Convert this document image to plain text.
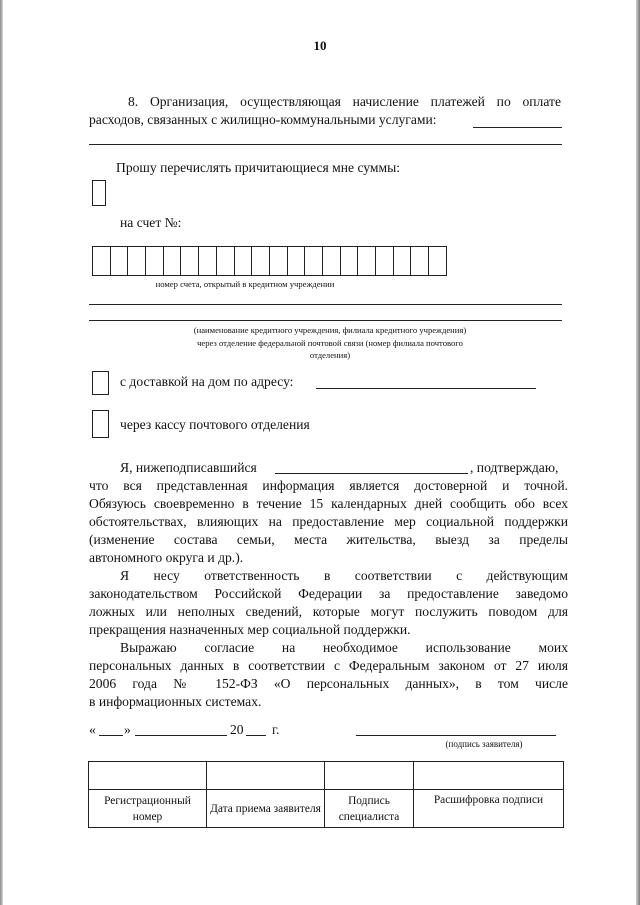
10
8. Организация, осуществляющая начисление платежей по оплате
расходов, связанных с жилищно-коммунальными услугами:
Прошу перечислять причитающиеся мне суммы:
на счет №:
номер счета, открытый в кредитном учреждении
(наименование кредитного учреждения, филиала кредитного учреждения)
через отделение федеральной почтовой связи (номер филиала почтового
отделения)
с доставкой на дом по адресу:
через кассу почтового отделения
Я, нижеподписавшийся	, подтверждаю,
что вся представленная информация является достоверной и точной.
Обязуюсь своевременно в течение 15 календарных дней сообщить обо всех
обстоятельствах, влияющих на предоставление мер социальной поддержки
(изменение состава семьи, места жительства, выезд за пределы
автономного округа и др.).
Я несу ответственность в соответствии с действующим
законодательством Российской Федерации за предоставление заведомо
ложных или неполных сведений, которые могут послужить поводом для
прекращения назначенных мер социальной поддержки.
Выражаю согласие на необходимое использование моих
персональных данных в соответствии с Федеральным законом от 27 июля
2006 года № 152-ФЗ «О персональных данных», в том числе
в информационных системах.
« »	20 г.
(подпись заявителя)

Регистрационный номер	Дата приема заявителя	Подпись специалиста	Расшифровка подписи
